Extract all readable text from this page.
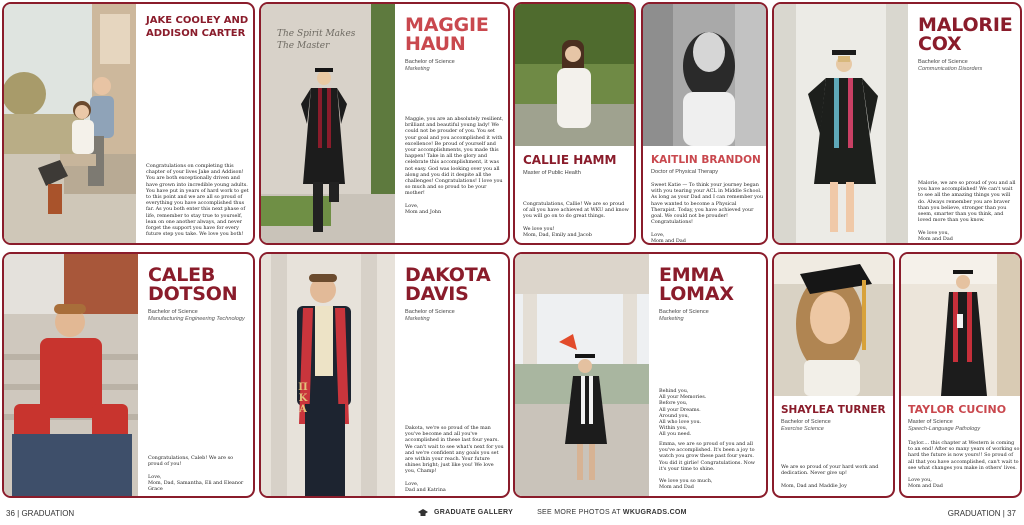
JAKE COOLEY AND ADDISON CARTER
Congratulations on completing this chapter of your lives Jake and Addison! You are both exceptionally driven and have grown into incredible young adults. You have put in years of hard work to get to this point and we are all so proud of everything you have accomplished thus far. As you both enter this next phase of life, remember to stay true to yourself, lean on one another always, and never forget the support you have for every future step you take. We love you both!
The Spirit Makes The Master
MAGGIE HAUN
Bachelor of Science
Marketing
Maggie, you are an absolutely resilient, brilliant and beautiful young lady! We could not be prouder of you. You set your goal and you accomplished it with excellence! Be proud of yourself and your accomplishments, you made this happen! Take in all the glory and celebrate this accomplishment, it was not easy. God was looking over you all along and you did it despite all the challenges! Congratulations! I love you so much and so proud to be your mother!

Love,
Mom and John
CALLIE HAMM
Master of Public Health
Congratulations, Callie! We are so proud of all you have achieved at WKU and know you will go on to do great things.

We love you!
Mom, Dad, Emily and Jacob
KAITLIN BRANDON
Doctor of Physical Therapy
Sweet Katie — To think your journey began with you tearing your ACL in Middle School. As long as your Dad and I can remember you have wanted to become a Physical Therapist. Today, you have achieved your goal. We could not be prouder! Congratulations!

Love,
Mom and Dad
MALORIE COX
Bachelor of Science
Communication Disorders
Malorie, we are so proud of you and all you have accomplished! We can't wait to see all the amazing things you will do. Always remember you are braver than you believe, stronger than you seem, smarter than you think, and loved more than you know.

We love you,
Mom and Dad
CALEB DOTSON
Bachelor of Science
Manufacturing Engineering Technology
Congratulations, Caleb! We are so proud of you!

Love,
Mom, Dad, Samantha, Eli and Eleanor Grace
ΠΚΑ
DAKOTA DAVIS
Bachelor of Science
Marketing
Dakota, we're so proud of the man you've become and all you've accomplished in these last four years. We can't wait to see what's next for you and we're confident any goals you set are within your reach. Your future shines bright; just like you! We love you, Champ!

Love,
Dad and Katrina
EMMA LOMAX
Bachelor of Science
Marketing
Behind you,
All your Memories.
Before you,
All your Dreams.
Around you,
All who love you.
Within you,
All you need.
Emma, we are so proud of you and all you've accomplished. It's been a joy to watch you grow these past four years. You did it girlie! Congratulations. Now it's your time to shine.

We love you so much,
Mom and Dad
SHAYLEA TURNER
Bachelor of Science
Exercise Science
We are so proud of your hard work and dedication. Never give up!

Mom, Dad and Maddie Joy
TAYLOR CUCINO
Master of Science
Speech-Language Pathology
Taylor.... this chapter at Western is coming to an end! After so many years of working so hard the future is now yours!! So proud of all that you have accomplished, can't wait to see what changes you make in others' lives.

Love you,
Mom and Dad
36 | GRADUATION	GRADUATE GALLERY	SEE MORE PHOTOS AT WKUGRADS.COM	GRADUATION | 37
